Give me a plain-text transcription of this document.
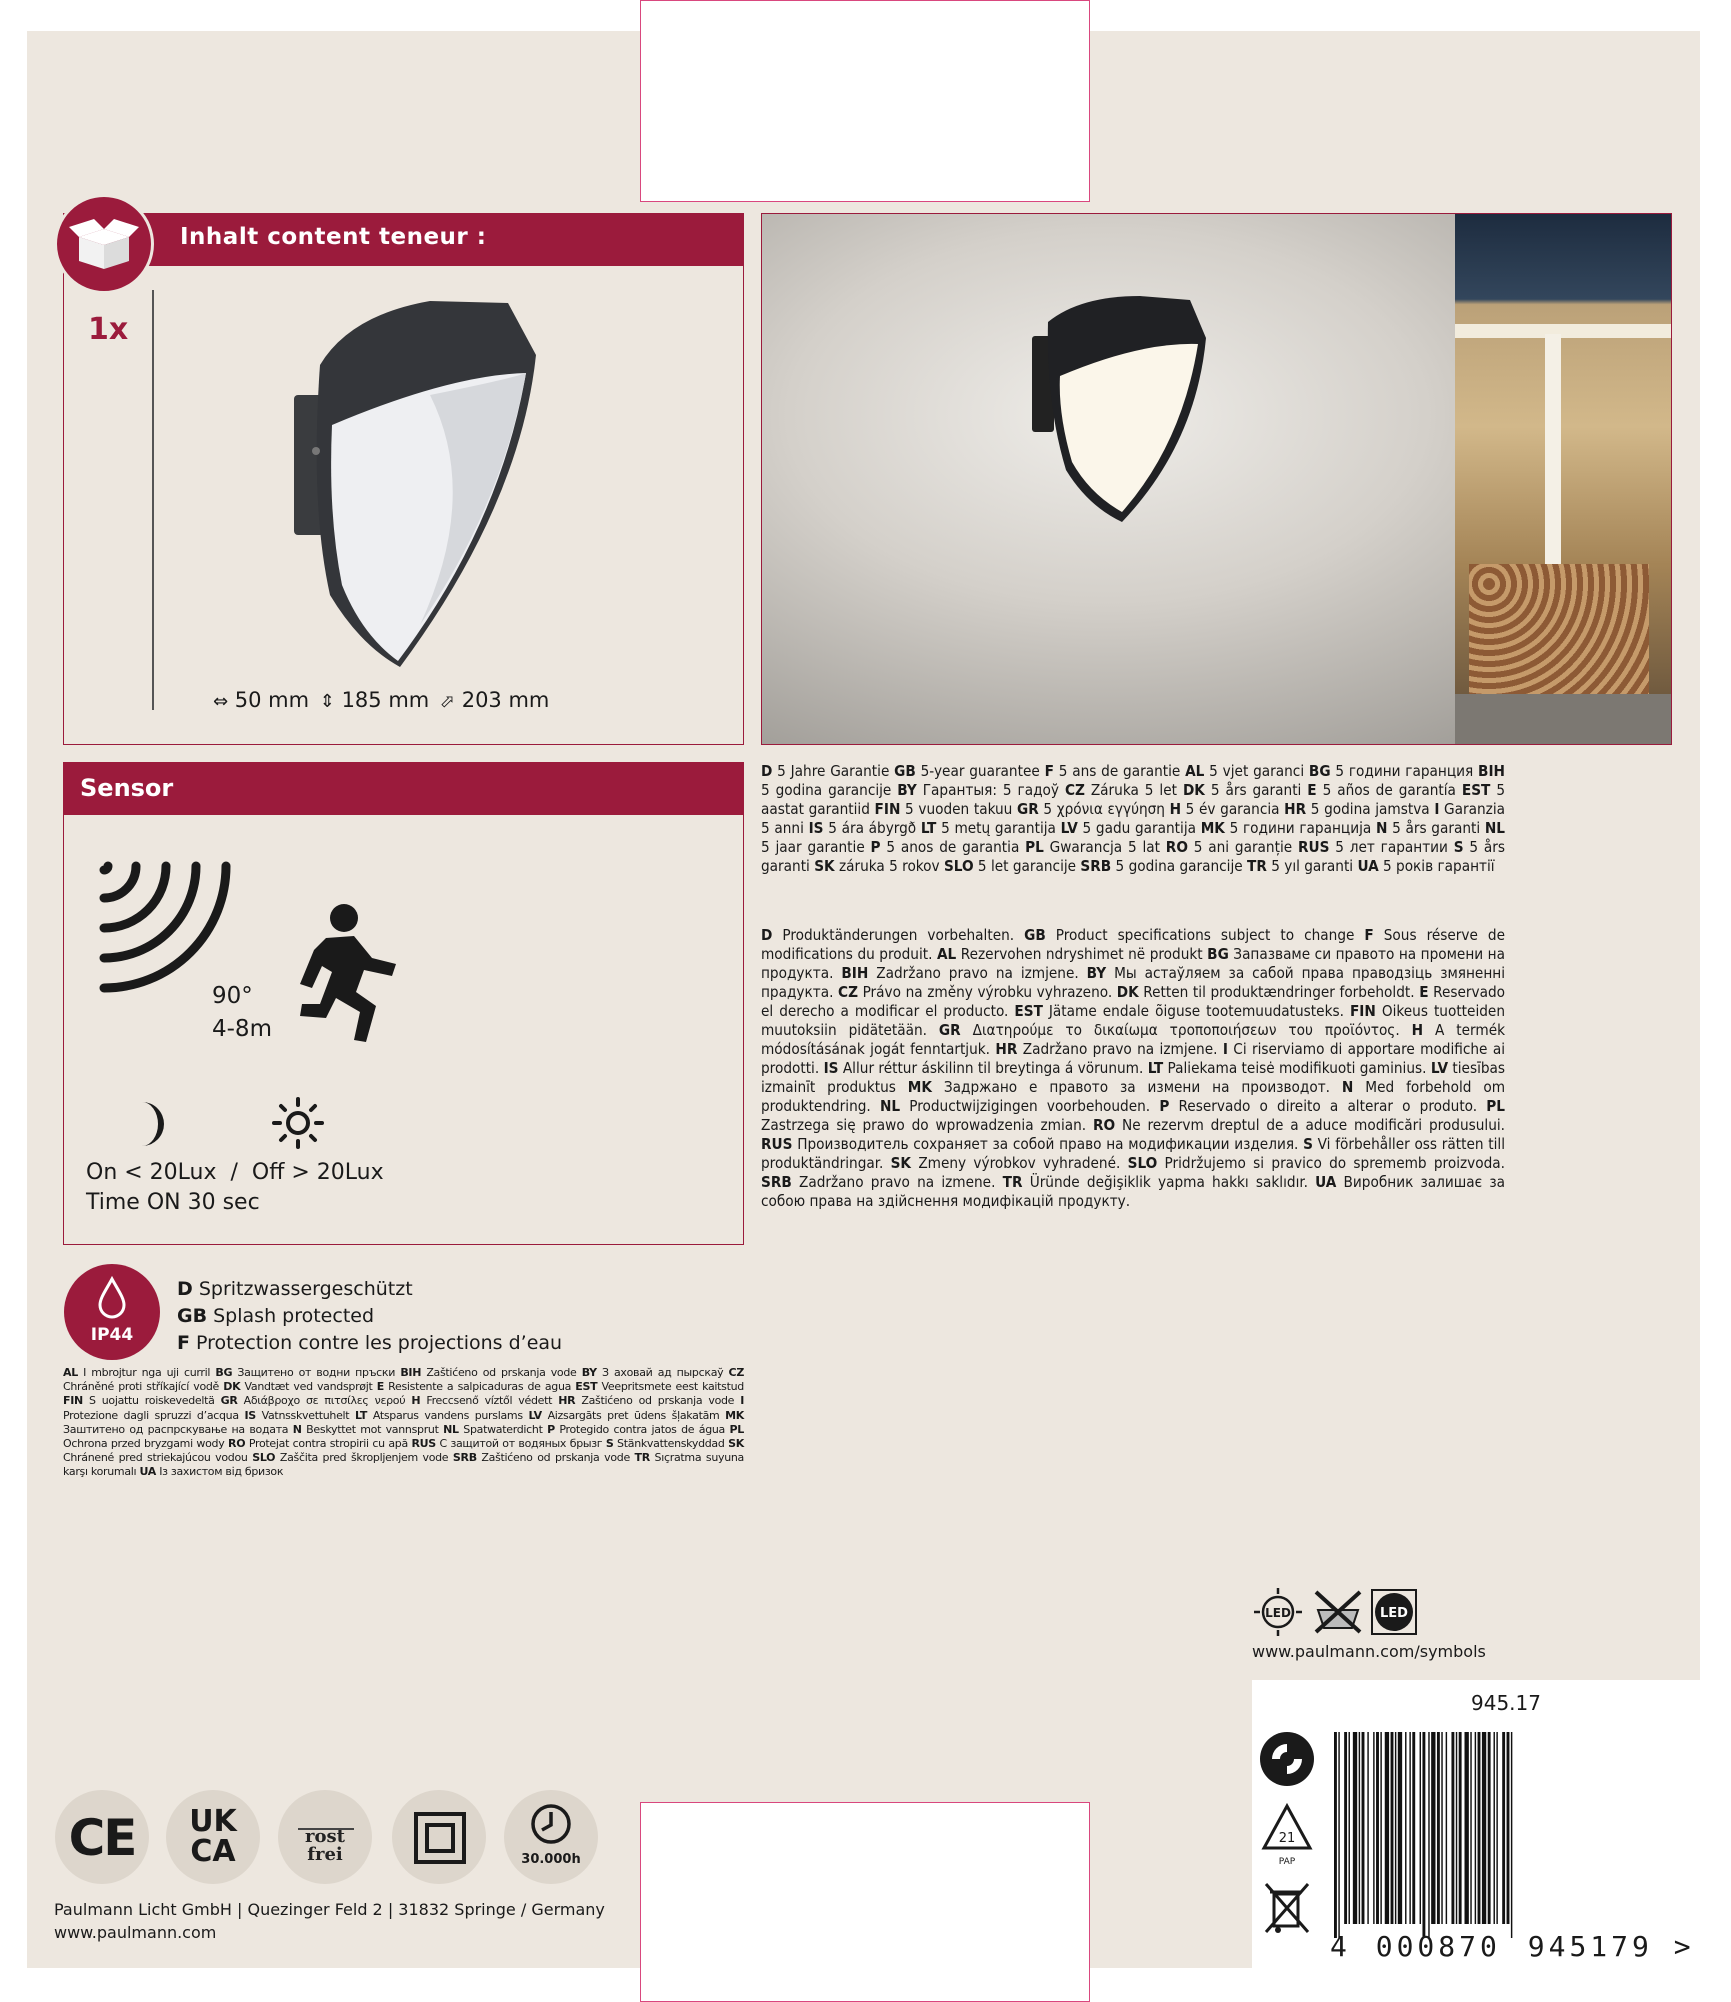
Inhalt content teneur :
1x
⇔ 50 mm ⇕ 185 mm ⬀ 203 mm
Sensor
90°
4-8m
On < 20Lux  /  Off > 20Lux
Time ON 30 sec
IP44
D Spritzwassergeschützt
GB Splash protected
F Protection contre les projections d’eau
AL I mbrojtur nga uji curril BG Защитено от водни пръски BIH Zaštićeno od prskanja vode BY З аховай ад пырскаў CZ Chráněné proti stříkající vodě DK Vandtæt ved vandsprøjt E Resistente a salpicaduras de agua EST Veepritsmete eest kaitstud FIN S uojattu roiskevedeltä GR Αδιάβροχο σε πιτσίλες νερού H Freccsenő víztől védett HR Zaštićeno od prskanja vode I Protezione dagli spruzzi d’acqua IS Vatnsskvettuhelt LT Atsparus vandens purslams LV Aizsargāts pret ūdens šļakatām MK Заштитено од распрскување на водата N Beskyttet mot vannsprut NL Spatwaterdicht P Protegido contra jatos de água PL Ochrona przed bryzgami wody RO Protejat contra stropirii cu apă RUS С защитой от водяных брызг S Stänkvattenskyddad SK Chránené pred striekajúcou vodou SLO Zaščita pred škropljenjem vode SRB Zaštićeno od prskanja vode TR Sıçratma suyuna karşı korumalı UA Із захистом від бризок
D 5 Jahre Garantie GB 5-year guarantee F 5 ans de garantie AL 5 vjet garanci BG 5 години гаранция BIH 5 godina garancije BY Гарантыя: 5 гадоў CZ Záruka 5 let DK 5 års garanti E 5 años de garantía EST 5 aastat garantiid FIN 5 vuoden takuu GR 5 χρόνια εγγύηση H 5 év garancia HR 5 godina jamstva I Garanzia 5 anni IS 5 ára ábyrgð LT 5 metų garantija LV 5 gadu garantija MK 5 години гаранција N 5 års garanti NL 5 jaar garantie P 5 anos de garantia PL Gwarancja 5 lat RO 5 ani garanție RUS 5 лет гарантии S 5 års garanti SK záruka 5 rokov SLO 5 let garancije SRB 5 godina garancije TR 5 yıl garanti UA 5 років гарантії
D Produktänderungen vorbehalten. GB Product specifications subject to change F Sous réserve de modifications du produit. AL Rezervohen ndryshimet në produkt BG Запазваме си правото на промени на продукта. BIH Zadržano pravo na izmjene. BY Мы астаўляем за сабой права праводзіць змяненні прадукта. CZ Právo na změny výrobku vyhrazeno. DK Retten til produktændringer forbeholdt. E Reservado el derecho a modificar el producto. EST Jätame endale õiguse tootemuudatusteks. FIN Oikeus tuotteiden muutoksiin pidätetään. GR Διατηρούμε το δικαίωμα τροποποιήσεων του προϊόντος. H A termék módosításának jogát fenntartjuk. HR Zadržano pravo na izmjene. I Ci riserviamo di apportare modifiche ai prodotti. IS Allur réttur áskilinn til breytinga á vörunum. LT Paliekama teisė modifikuoti gaminius. LV tiesības izmainīt produktus MK Задржано е правото за измени на производот. N Med forbehold om produktendring. NL Productwijzigingen voorbehouden. P Reservado o direito a alterar o produto. PL Zastrzega się prawo do wprowadzenia zmian. RO Ne rezervm dreptul de a aduce modificări produsului. RUS Производитель сохраняет за собой право на модификации изделия. S Vi förbehåller oss rätten till produktändringar. SK Zmeny výrobkov vyhradené. SLO Pridržujemo si pravico do sprememb proizvoda. SRB Zadržano pravo na izmene. TR Üründe değişiklik yapma hakkı saklıdır. UA Виробник залишає за собою права на здійснення модифікацій продукту.
LED	LED
www.paulmann.com/symbols
CE	UK
CA	rost
frei	30.000h
Paulmann Licht GmbH | Quezinger Feld 2 | 31832 Springe / Germany
www.paulmann.com
945.17
21
PAP
4 000870 945179 >
